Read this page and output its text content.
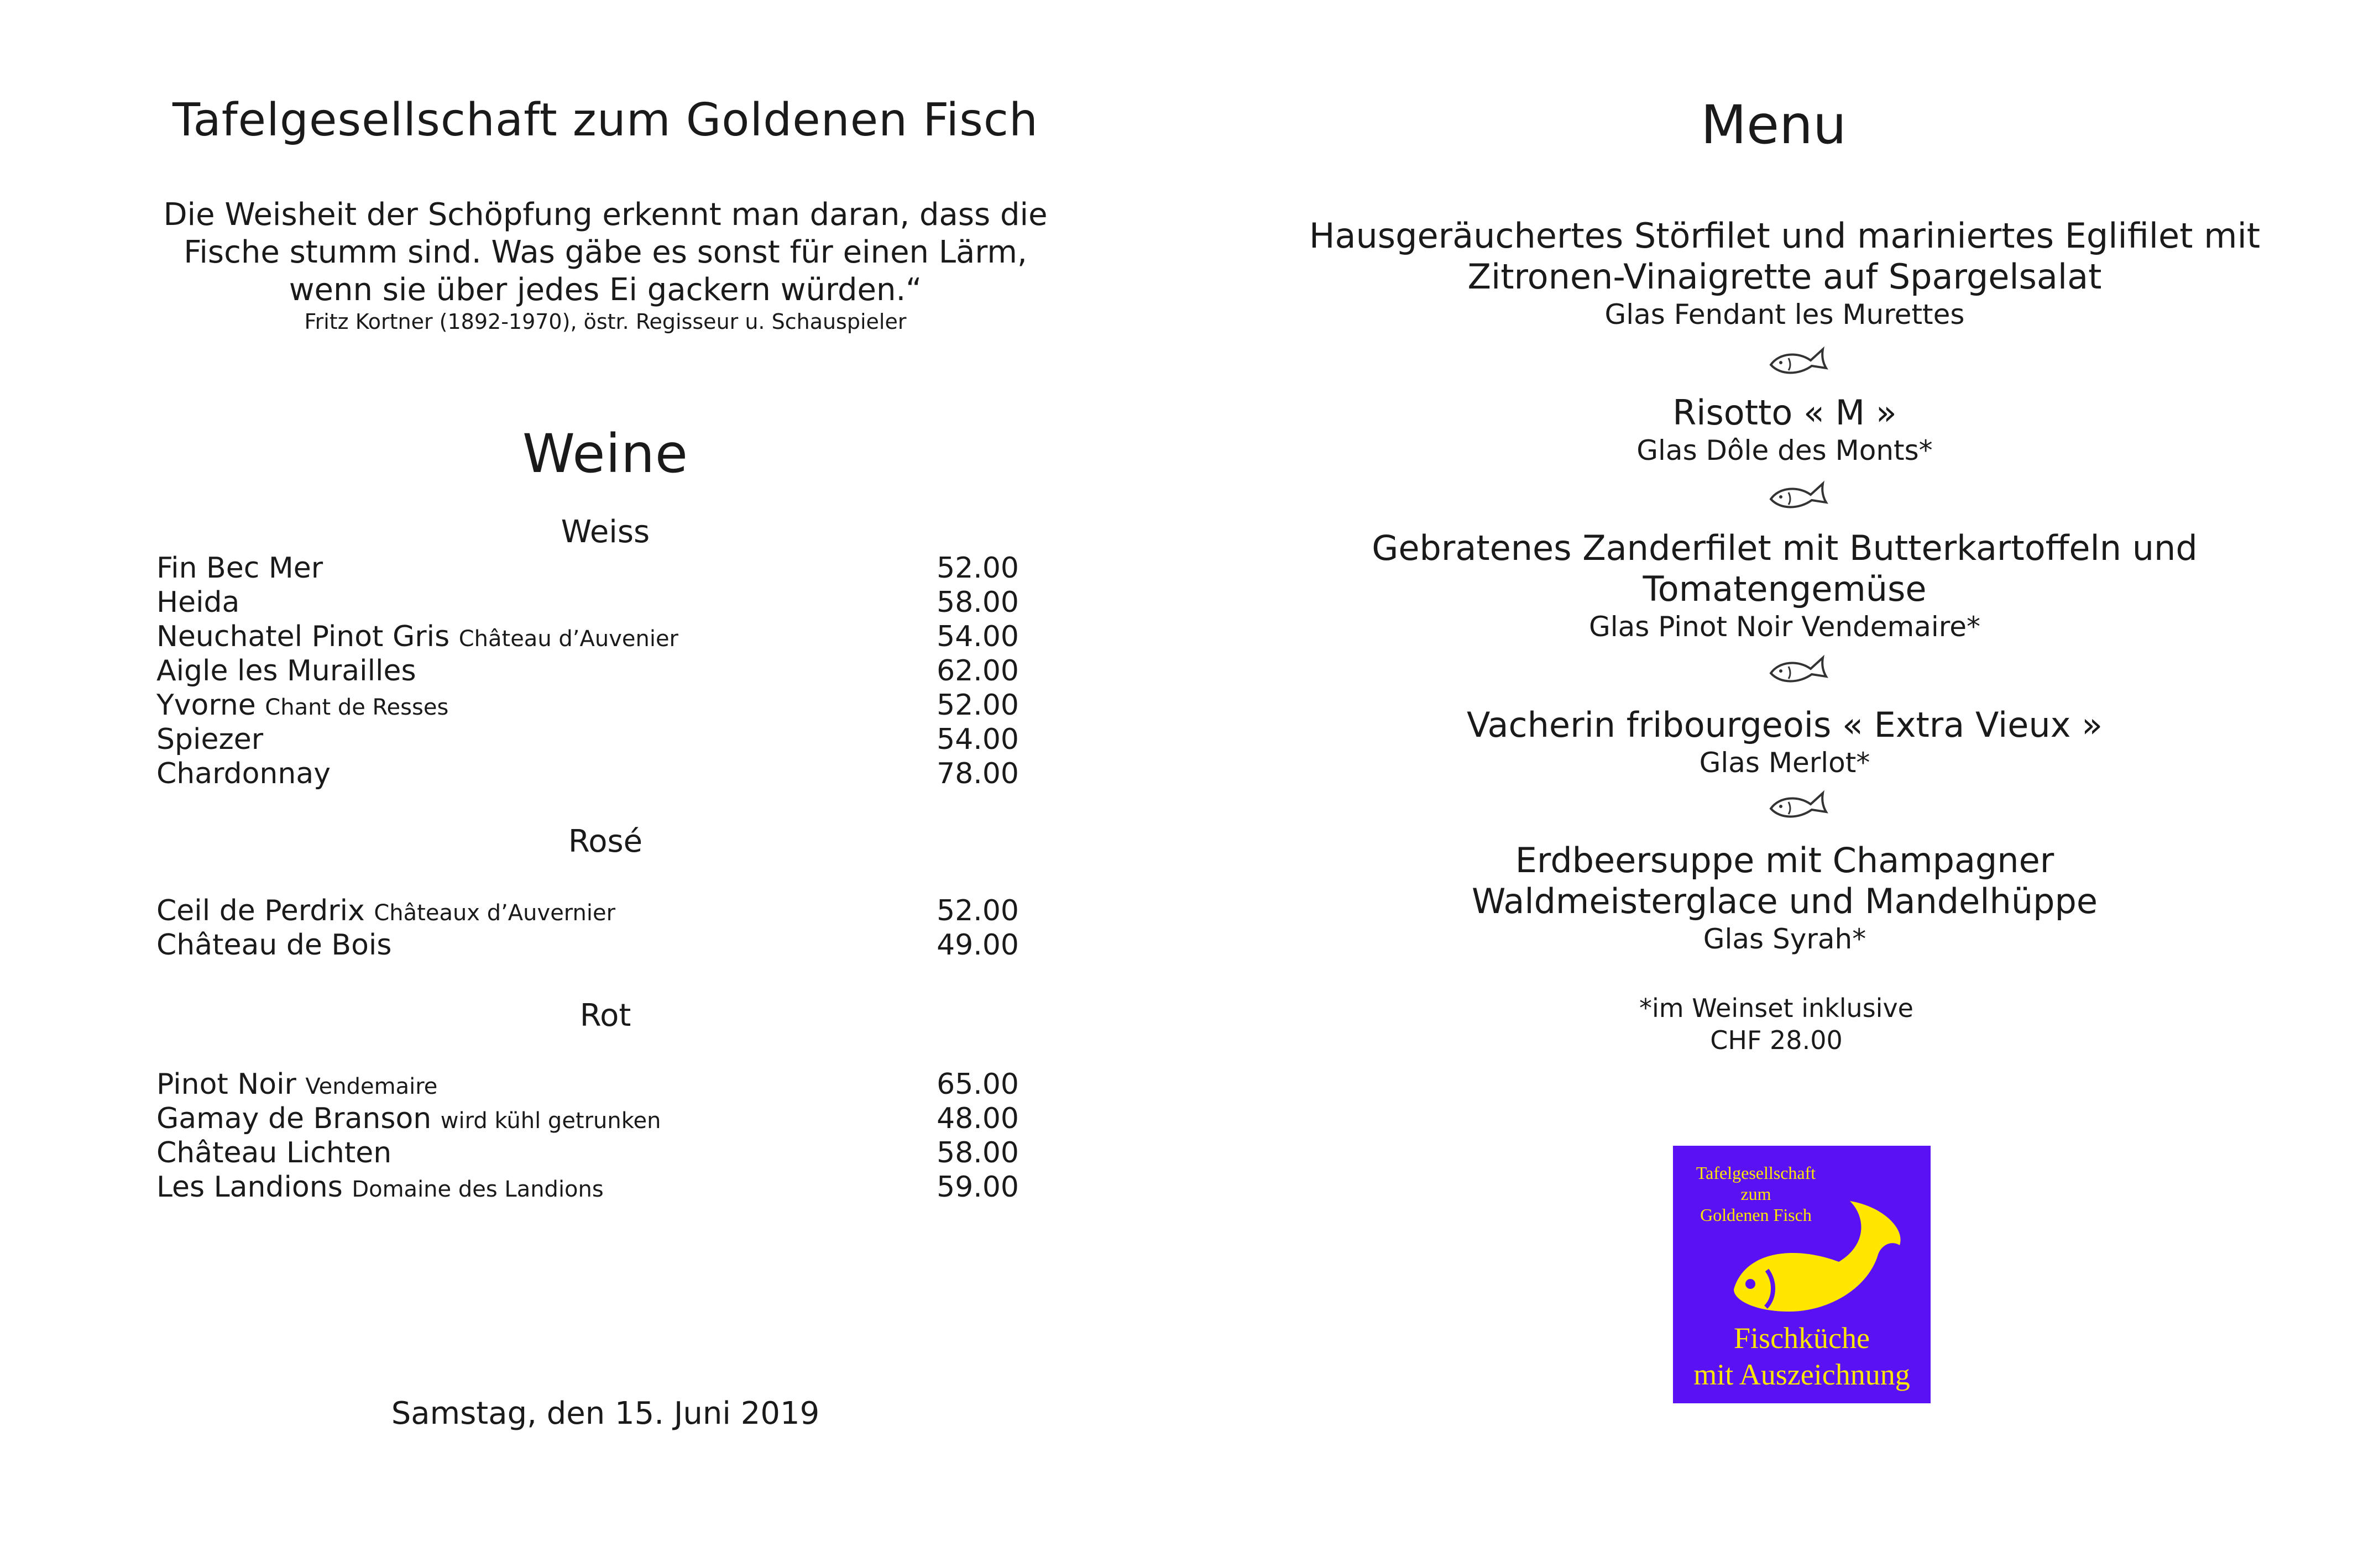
Tafelgesellschaft zum Goldenen Fisch
Die Weisheit der Schöpfung erkennt man daran, dass die
Fische stumm sind. Was gäbe es sonst für einen Lärm,
wenn sie über jedes Ei gackern würden.“
Fritz Kortner (1892-1970), östr. Regisseur u. Schauspieler
Weine
Weiss
Fin Bec Mer	52.00
Heida	58.00
Neuchatel Pinot Gris Château d’Auvenier	54.00
Aigle les Murailles	62.00
Yvorne Chant de Resses	52.00
Spiezer	54.00
Chardonnay	78.00
Rosé
Ceil de Perdrix Châteaux d’Auvernier	52.00
Château de Bois	49.00
Rot
Pinot Noir Vendemaire	65.00
Gamay de Branson wird kühl getrunken	48.00
Château Lichten	58.00
Les Landions Domaine des Landions	59.00
Samstag, den 15. Juni 2019
Menu
Hausgeräuchertes Störfilet und mariniertes Eglifilet mit
Zitronen-Vinaigrette auf Spargelsalat
Glas Fendant les Murettes
Risotto « M »
Glas Dôle des Monts*
Gebratenes Zanderfilet mit Butterkartoffeln und
Tomatengemüse
Glas Pinot Noir Vendemaire*
Vacherin fribourgeois « Extra Vieux »
Glas Merlot*
Erdbeersuppe mit Champagner
Waldmeisterglace und Mandelhüppe
Glas Syrah*
*im Weinset inklusive
CHF 28.00
Tafelgesellschaft
zum
Goldenen Fisch
Fischküche
mit Auszeichnung
